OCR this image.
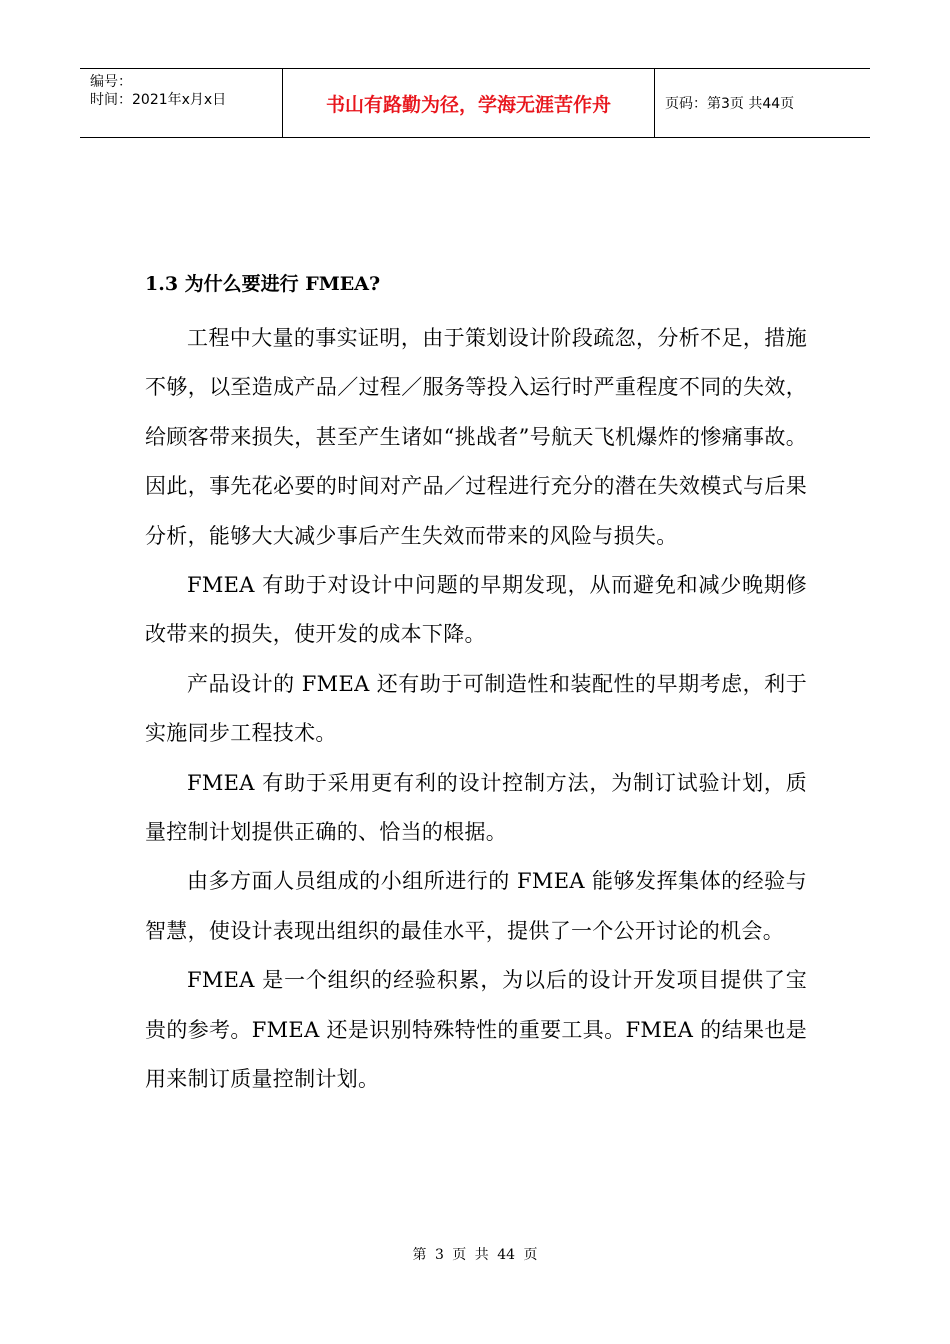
编号：
时间：2021年x月x日	书山有路勤为径，学海无涯苦作舟	页码：第3页 共44页
1.3 为什么要进行 FMEA?

工程中大量的事实证明，由于策划设计阶段疏忽，分析不足，措施不够，以至造成产品／过程／服务等投入运行时严重程度不同的失效，给顾客带来损失，甚至产生诸如“挑战者”号航天飞机爆炸的惨痛事故。因此，事先花必要的时间对产品／过程进行充分的潜在失效模式与后果分析，能够大大减少事后产生失效而带来的风险与损失。

FMEA 有助于对设计中问题的早期发现，从而避免和减少晚期修改带来的损失，使开发的成本下降。

产品设计的 FMEA 还有助于可制造性和装配性的早期考虑，利于实施同步工程技术。

FMEA 有助于采用更有利的设计控制方法，为制订试验计划，质量控制计划提供正确的、恰当的根据。

由多方面人员组成的小组所进行的 FMEA 能够发挥集体的经验与智慧，使设计表现出组织的最佳水平，提供了一个公开讨论的机会。

FMEA 是一个组织的经验积累，为以后的设计开发项目提供了宝贵的参考。FMEA 还是识别特殊特性的重要工具。FMEA 的结果也是用来制订质量控制计划。

第 3 页 共 44 页
